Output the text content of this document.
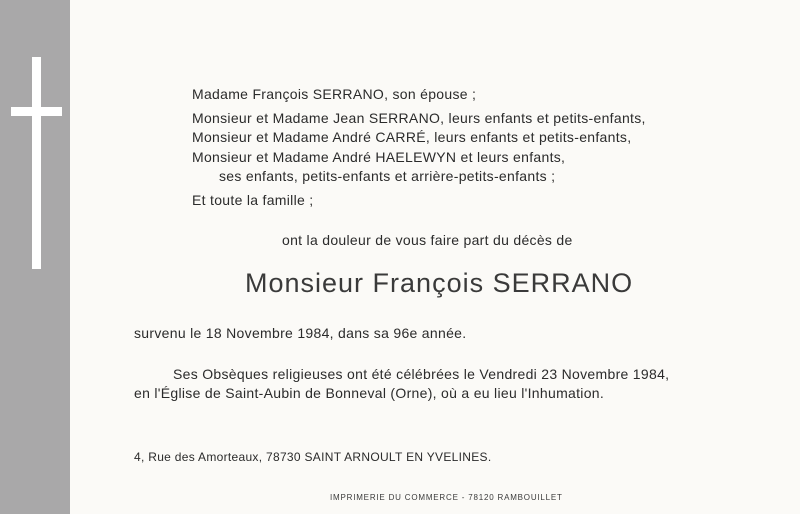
Madame François SERRANO, son épouse ;
Monsieur et Madame Jean SERRANO, leurs enfants et petits-enfants,
Monsieur et Madame André CARRÉ, leurs enfants et petits-enfants,
Monsieur et Madame André HAELEWYN et leurs enfants,
ses enfants, petits-enfants et arrière-petits-enfants ;
Et toute la famille ;
ont la douleur de vous faire part du décès de
Monsieur François SERRANO
survenu le 18 Novembre 1984, dans sa 96e année.
Ses Obsèques religieuses ont été célébrées le Vendredi 23 Novembre 1984,
en l'Église de Saint-Aubin de Bonneval (Orne), où a eu lieu l'Inhumation.
4, Rue des Amorteaux, 78730 SAINT ARNOULT EN YVELINES.
IMPRIMERIE DU COMMERCE - 78120 RAMBOUILLET
